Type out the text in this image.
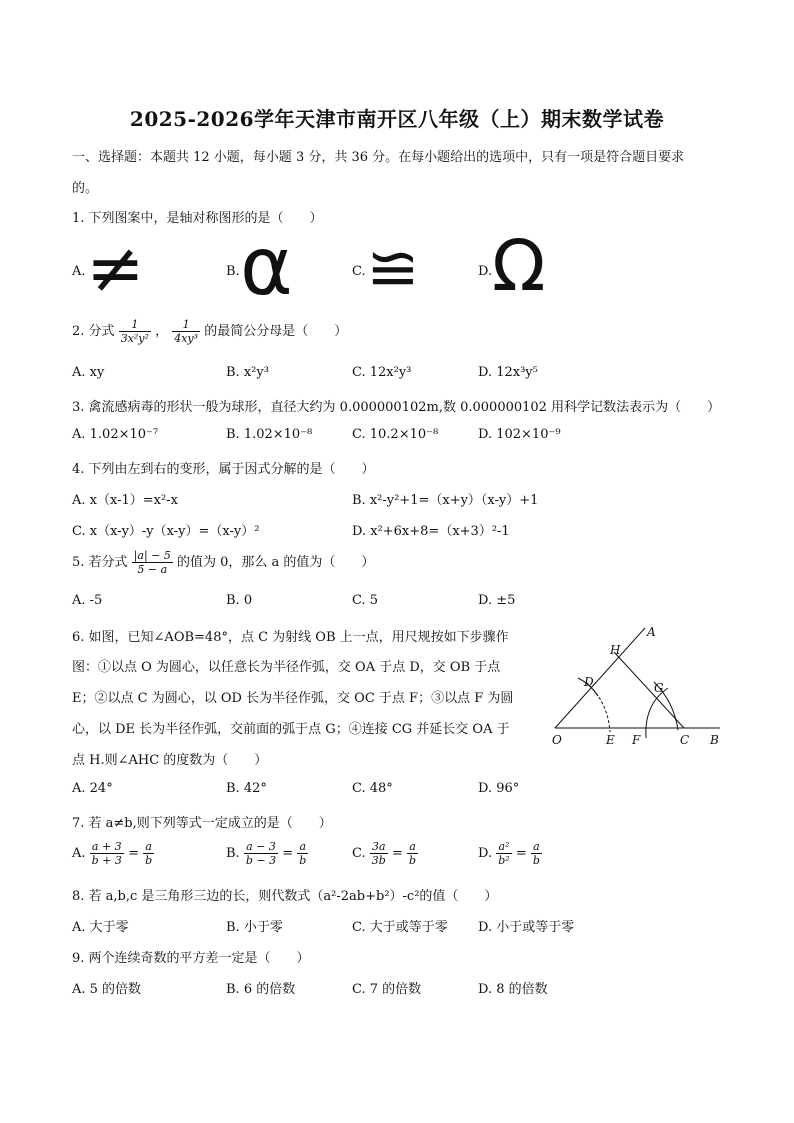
2025-2026学年天津市南开区八年级（上）期末数学试卷
一、选择题：本题共 12 小题，每小题 3 分，共 36 分。在每小题给出的选项中，只有一项是符合题目要求
的。
1. 下列图案中，是轴对称图形的是（　　）
A. ≠	B. α	C. ≌	D. Ω
2. 分式 $\frac{1}{\text{3x²y²}}$ ， $\frac{1}{\text{4xy³}}$ 的最简公分母是（　　）
A. xy	B. x²y³	C. 12x²y³	D. 12x³y⁵
3. 禽流感病毒的形状一般为球形，直径大约为 0.000000102m,数 0.000000102 用科学记数法表示为（　　）
A. 1.02×10⁻⁷	B. 1.02×10⁻⁸	C. 10.2×10⁻⁸	D. 102×10⁻⁹
4. 下列由左到右的变形，属于因式分解的是（　　）
A. x（x-1）=x²-x	B. x²-y²+1=（x+y）（x-y）+1
C. x（x-y）-y（x-y）=（x-y）²	D. x²+6x+8=（x+3）²-1
5. 若分式 $\frac{|a| - 5}{5 - a}$ 的值为 0，那么 a 的值为（　　）
A. -5	B. 0	C. 5	D. ±5
6. 如图，已知∠AOB=48°，点 C 为射线 OB 上一点，用尺规按如下步骤作
图：①以点 O 为圆心，以任意长为半径作弧，交 OA 于点 D，交 OB 于点
E；②以点 C 为圆心，以 OD 长为半径作弧，交 OC 于点 F；③以点 F 为圆
心，以 DE 长为半径作弧，交前面的弧于点 G；④连接 CG 并延长交 OA 于
点 H.则∠AHC 的度数为（　　）
A
H
D	G
O	E F	C B
A. 24°	B. 42°	C. 48°	D. 96°
7. 若 a≠b,则下列等式一定成立的是（　　）
A. $\frac{a + 3}{b + 3} = \frac{a}{b}$	B. $\frac{a - 3}{b - 3} = \frac{a}{b}$	C. $\frac{3a}{3b} = \frac{a}{b}$	D. $\frac{\text{a²}}{\text{b²}} = \frac{a}{b}$
8. 若 a,b,c 是三角形三边的长，则代数式（a²-2ab+b²）-c²的值（　　）
A. 大于零	B. 小于零	C. 大于或等于零 D. 小于或等于零
9. 两个连续奇数的平方差一定是（　　）
A. 5 的倍数	B. 6 的倍数	C. 7 的倍数	D. 8 的倍数
